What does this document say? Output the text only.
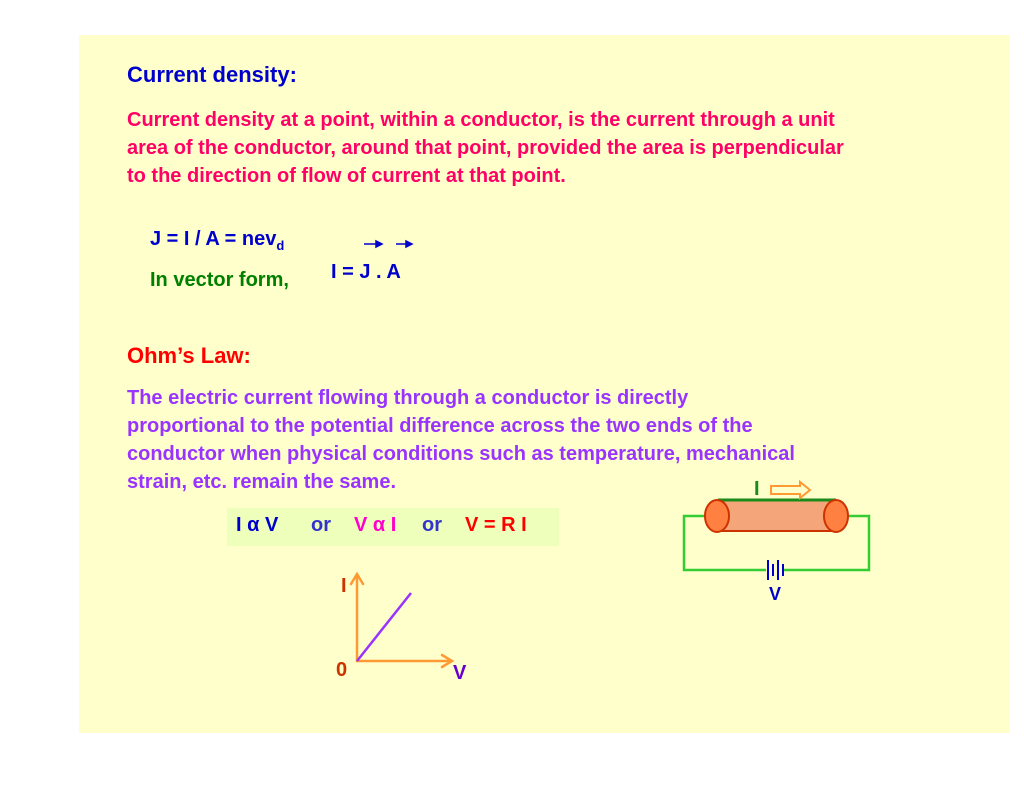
Current density:
Current density at a point, within a conductor, is the current through a unit
area of the conductor, around that point, provided the area is perpendicular
to the direction of flow of current at that point.
J = I / A = nev$_d$
In vector form, I = J . A
Ohm’s Law:
The electric current flowing through a conductor is directly
proportional to the potential difference across the two ends of the
conductor when physical conditions such as temperature, mechanical
strain, etc. remain the same.
I α V or V α I or V = R I
I
V
0
I
V
